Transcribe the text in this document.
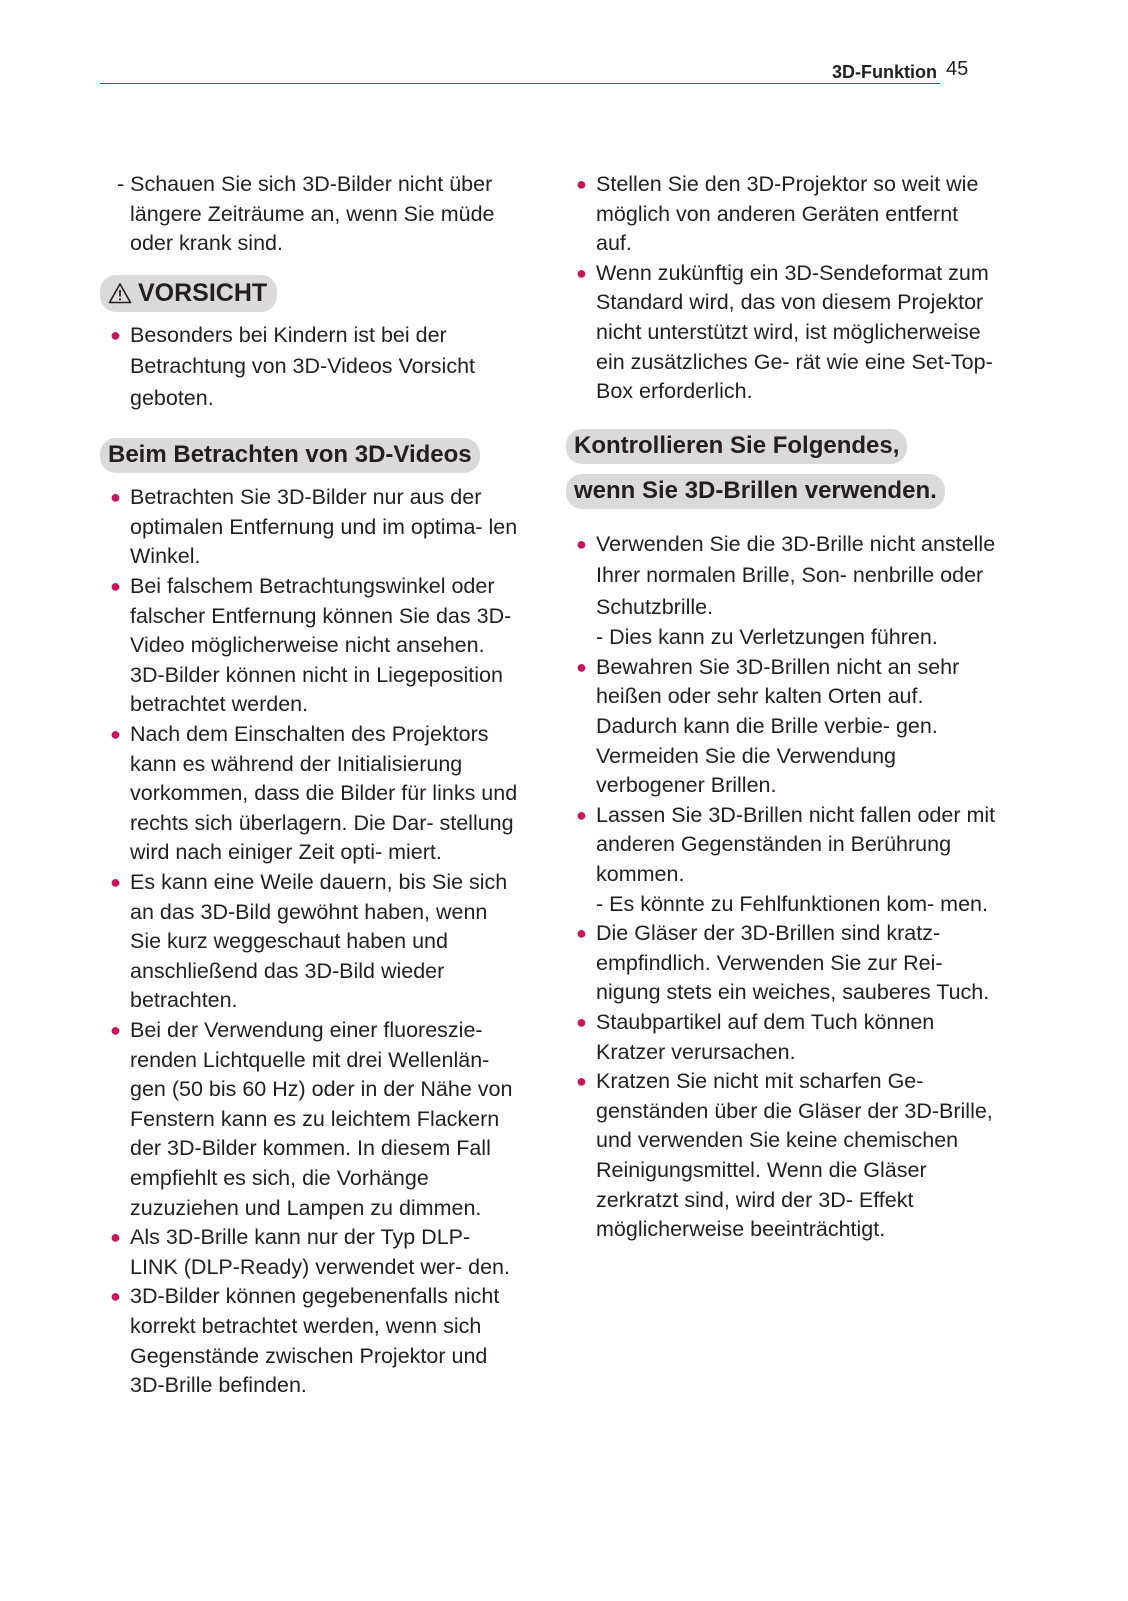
3D-Funktion 45

- Schauen Sie sich 3D-Bilder nicht über längere Zeiträume an, wenn Sie müde oder krank sind.

VORSICHT

● Besonders bei Kindern ist bei der Betrachtung von 3D-Videos Vorsicht geboten.

Beim Betrachten von 3D-Videos

● Betrachten Sie 3D-Bilder nur aus der optimalen Entfernung und im optima- len Winkel.

● Bei falschem Betrachtungswinkel oder falscher Entfernung können Sie das 3D-Video möglicherweise nicht ansehen. 3D-Bilder können nicht in Liegeposition betrachtet werden.

● Nach dem Einschalten des Projektors kann es während der Initialisierung vorkommen, dass die Bilder für links und rechts sich überlagern. Die Dar- stellung wird nach einiger Zeit opti- miert.

● Es kann eine Weile dauern, bis Sie sich an das 3D-Bild gewöhnt haben, wenn Sie kurz weggeschaut haben und anschließend das 3D-Bild wieder betrachten.

● Bei der Verwendung einer fluoreszie- renden Lichtquelle mit drei Wellenlän- gen (50 bis 60 Hz) oder in der Nähe von Fenstern kann es zu leichtem Flackern der 3D-Bilder kommen. In diesem Fall empfiehlt es sich, die Vorhänge zuzuziehen und Lampen zu dimmen.

● Als 3D-Brille kann nur der Typ DLP- LINK (DLP-Ready) verwendet wer- den.

● 3D-Bilder können gegebenenfalls nicht korrekt betrachtet werden, wenn sich Gegenstände zwischen Projektor und 3D-Brille befinden.

● Stellen Sie den 3D-Projektor so weit wie möglich von anderen Geräten entfernt auf.

● Wenn zukünftig ein 3D-Sendeformat zum Standard wird, das von diesem Projektor nicht unterstützt wird, ist möglicherweise ein zusätzliches Ge- rät wie eine Set-Top-Box erforderlich.

Kontrollieren Sie Folgendes,
wenn Sie 3D-Brillen verwenden.

● Verwenden Sie die 3D-Brille nicht anstelle Ihrer normalen Brille, Son- nenbrille oder Schutzbrille.

- Dies kann zu Verletzungen führen.

● Bewahren Sie 3D-Brillen nicht an sehr heißen oder sehr kalten Orten auf. Dadurch kann die Brille verbie- gen. Vermeiden Sie die Verwendung verbogener Brillen.

● Lassen Sie 3D-Brillen nicht fallen oder mit anderen Gegenständen in Berührung kommen.

- Es könnte zu Fehlfunktionen kom- men.

● Die Gläser der 3D-Brillen sind kratz- empfindlich. Verwenden Sie zur Rei- nigung stets ein weiches, sauberes Tuch.

● Staubpartikel auf dem Tuch können Kratzer verursachen.

● Kratzen Sie nicht mit scharfen Ge- genständen über die Gläser der 3D-Brille, und verwenden Sie keine chemischen Reinigungsmittel. Wenn die Gläser zerkratzt sind, wird der 3D- Effekt möglicherweise beeinträchtigt.
